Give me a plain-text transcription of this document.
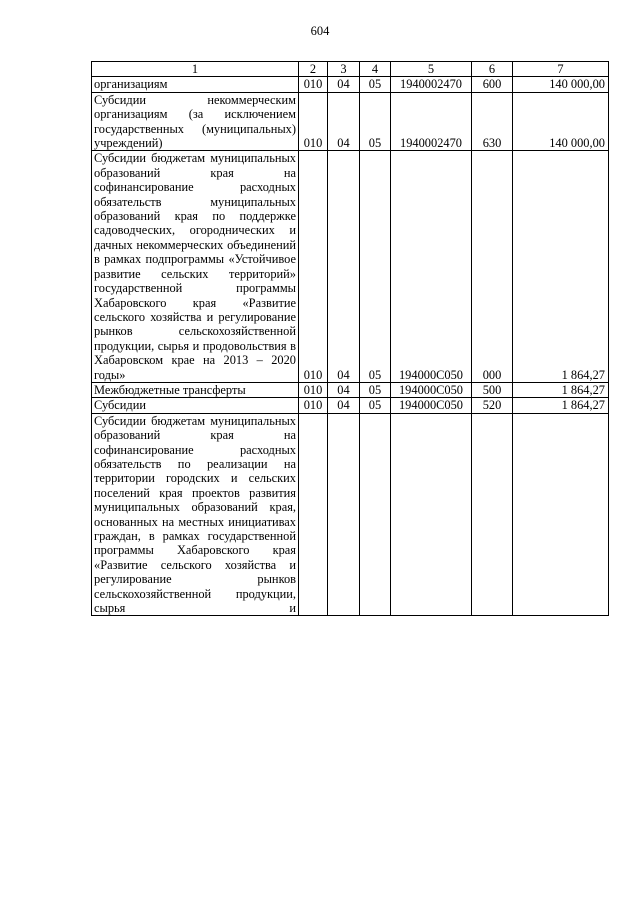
604
1	2	3	4	5	6	7
организациям	010	04	05	1940002470	600	140 000,00
Субсидии некоммерческим организациям (за исключением государственных (муниципальных) учреждений)	010	04	05	1940002470	630	140 000,00
Субсидии бюджетам муниципальных образований края на софинансирование расходных обязательств муниципальных образований края по поддержке садоводческих, огороднических и дачных некоммерческих объединений в рамках подпрограммы «Устойчивое развитие сельских территорий» государственной программы Хабаровского края «Развитие сельского хозяйства и регулирование рынков сельскохозяйственной продукции, сырья и продовольствия в Хабаровском крае на 2013 – 2020 годы»	010	04	05	194000С050	000	1 864,27
Межбюджетные трансферты	010	04	05	194000С050	500	1 864,27
Субсидии	010	04	05	194000С050	520	1 864,27
Субсидии бюджетам муниципальных образований края на софинансирование расходных обязательств по реализации на территории городских и сельских поселений края проектов развития муниципальных образований края, основанных на местных инициативах граждан, в рамках государственной программы Хабаровского края «Развитие сельского хозяйства и регулирование рынков сельскохозяйственной продукции, сырья и						
